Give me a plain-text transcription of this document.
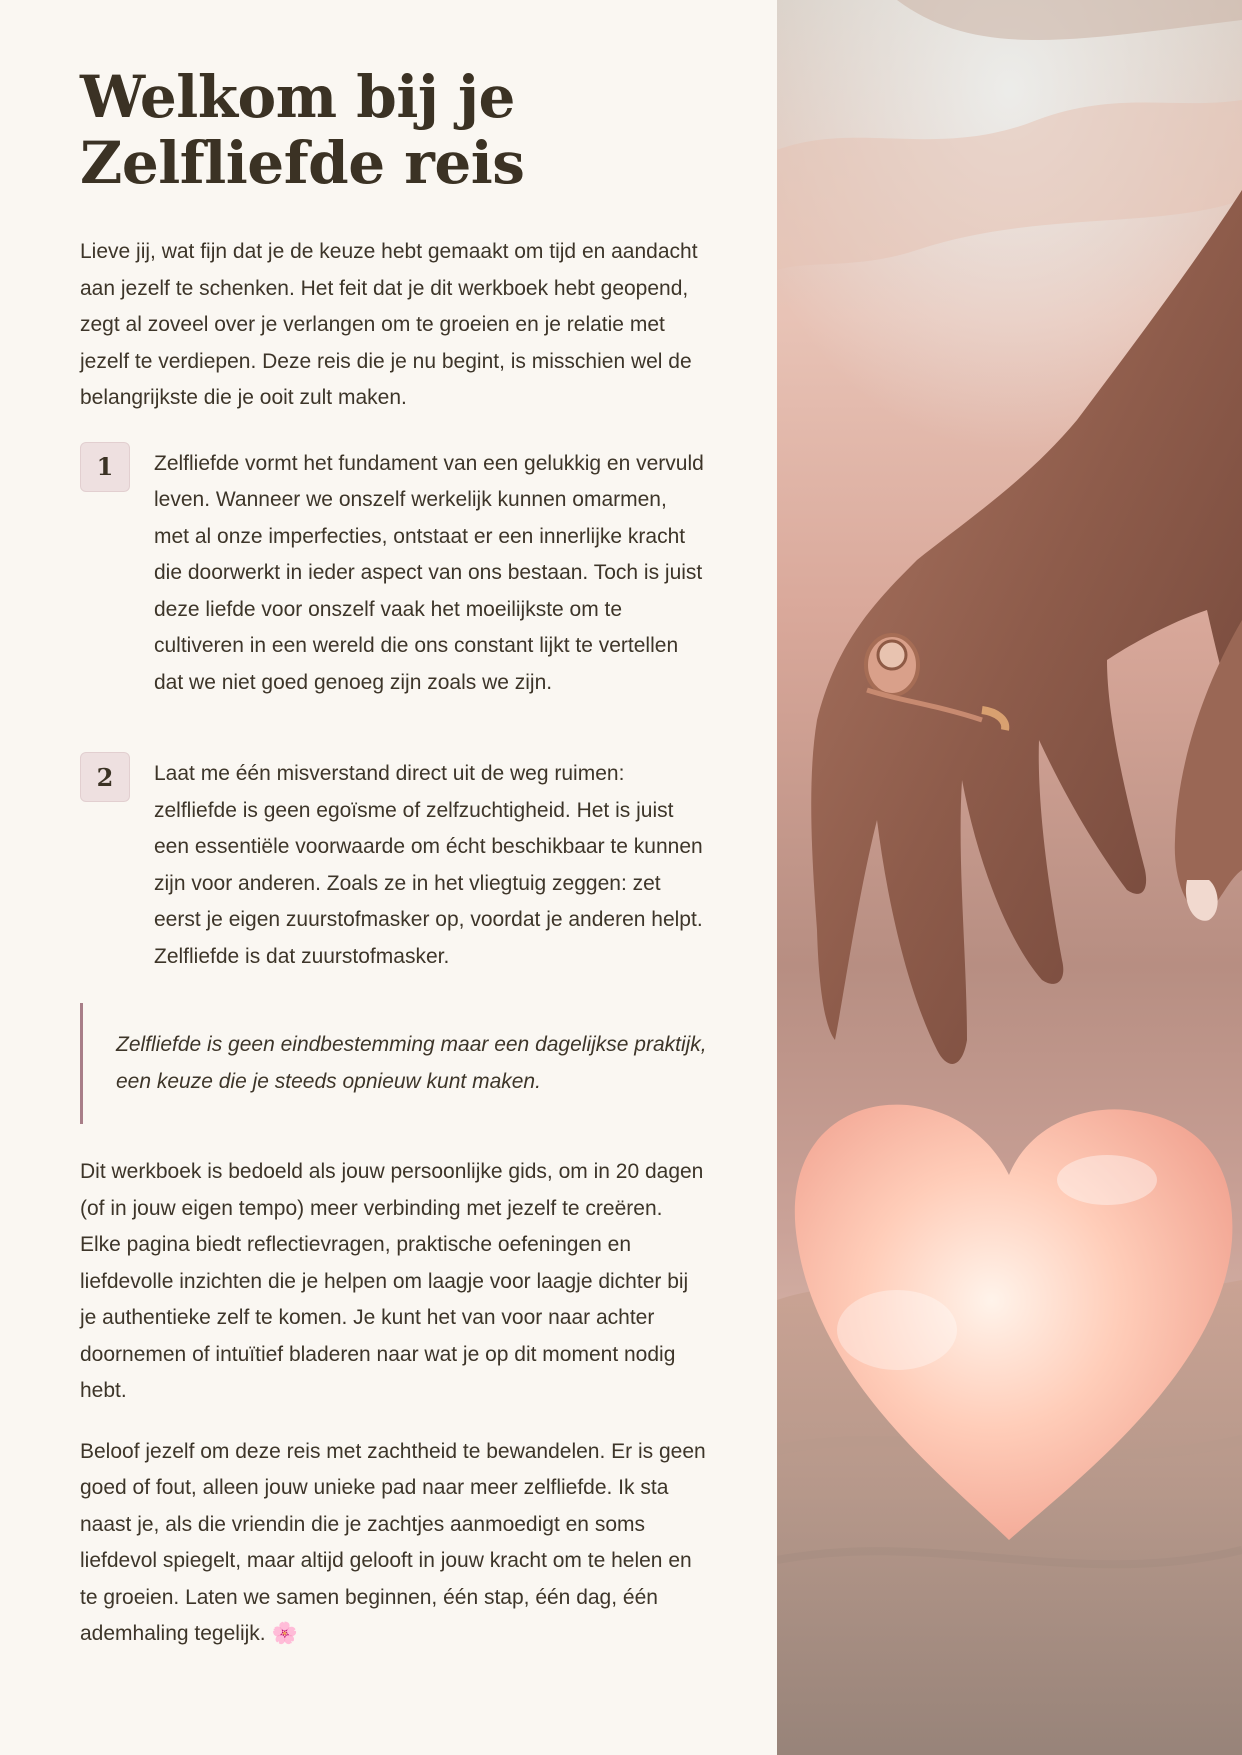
Welkom bij je Zelfliefde reis

Lieve jij, wat fijn dat je de keuze hebt gemaakt om tijd en aandacht aan jezelf te schenken. Het feit dat je dit werkboek hebt geopend, zegt al zoveel over je verlangen om te groeien en je relatie met jezelf te verdiepen. Deze reis die je nu begint, is misschien wel de belangrijkste die je ooit zult maken.

1	Zelfliefde vormt het fundament van een gelukkig en vervuld leven. Wanneer we onszelf werkelijk kunnen omarmen, met al onze imperfecties, ontstaat er een innerlijke kracht die doorwerkt in ieder aspect van ons bestaan. Toch is juist deze liefde voor onszelf vaak het moeilijkste om te cultiveren in een wereld die ons constant lijkt te vertellen dat we niet goed genoeg zijn zoals we zijn.
2	Laat me één misverstand direct uit de weg ruimen: zelfliefde is geen egoïsme of zelfzuchtigheid. Het is juist een essentiële voorwaarde om écht beschikbaar te kunnen zijn voor anderen. Zoals ze in het vliegtuig zeggen: zet eerst je eigen zuurstofmasker op, voordat je anderen helpt. Zelfliefde is dat zuurstofmasker.
Zelfliefde is geen eindbestemming maar een dagelijkse praktijk, een keuze die je steeds opnieuw kunt maken.

Dit werkboek is bedoeld als jouw persoonlijke gids, om in 20 dagen (of in jouw eigen tempo) meer verbinding met jezelf te creëren. Elke pagina biedt reflectievragen, praktische oefeningen en liefdevolle inzichten die je helpen om laagje voor laagje dichter bij je authentieke zelf te komen. Je kunt het van voor naar achter doornemen of intuïtief bladeren naar wat je op dit moment nodig hebt.

Beloof jezelf om deze reis met zachtheid te bewandelen. Er is geen goed of fout, alleen jouw unieke pad naar meer zelfliefde. Ik sta naast je, als die vriendin die je zachtjes aanmoedigt en soms liefdevol spiegelt, maar altijd gelooft in jouw kracht om te helen en te groeien. Laten we samen beginnen, één stap, één dag, één ademhaling tegelijk. 🌸
